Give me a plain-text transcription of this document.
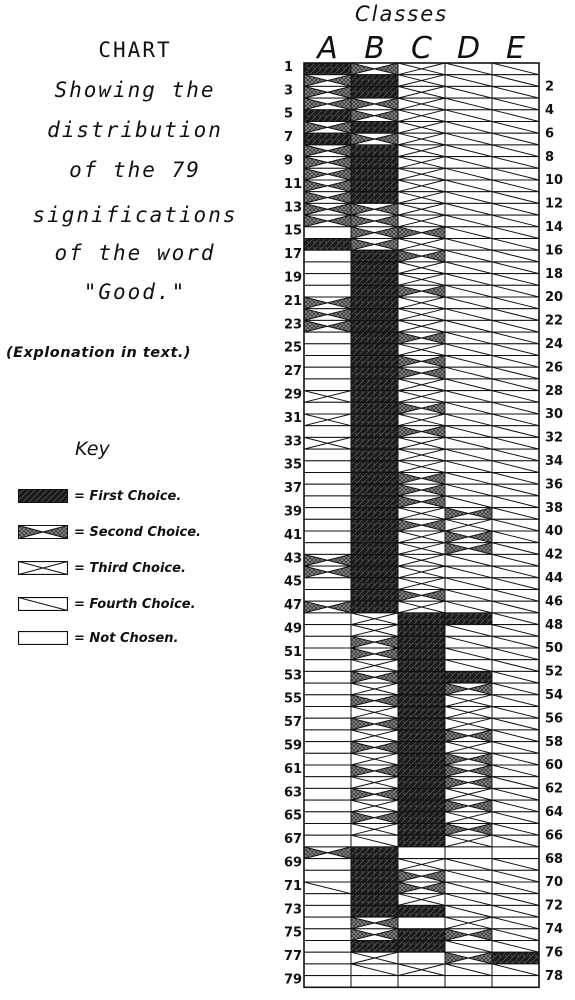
CHART
Showing the
distribution
of the 79
significations
of the word
"Good."
(Explonation in text.)
Key
= First Choice.
= Second Choice.
= Third Choice.
= Fourth Choice.
= Not Chosen.
Classes
A B C D E
1
2
3
4
5
6
7
8
9
10
11
12
13
14
15
16
17
18
19
20
21
22
23
24
25
26
27
28
29
30
31
32
33
34
35
36
37
38
39
40
41
42
43
44
45
46
47
48
49
50
51
52
53
54
55
56
57
58
59
60
61
62
63
64
65
66
67
68
69
70
71
72
73
74
75
76
77
78
79
